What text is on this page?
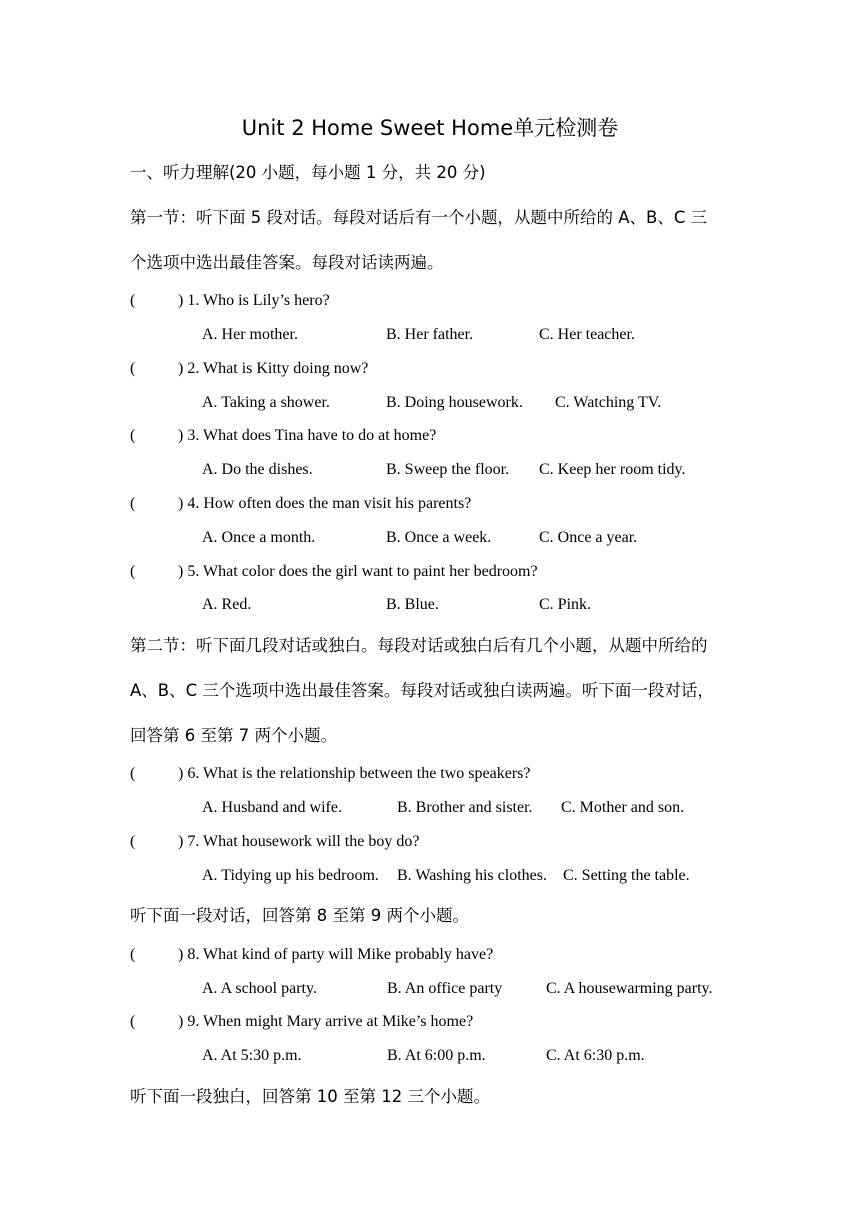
Unit 2 Home Sweet Home单元检测卷
一、听力理解(20 小题，每小题 1 分，共 20 分)
第一节：听下面 5 段对话。每段对话后有一个小题，从题中所给的 A、B、C 三
个选项中选出最佳答案。每段对话读两遍。
(	) 1. Who is Lily’s hero?
A. Her mother.	B. Her father.	C. Her teacher.
(	) 2. What is Kitty doing now?
A. Taking a shower.	B. Doing housework. C. Watching TV.
(	) 3. What does Tina have to do at home?
A. Do the dishes.	B. Sweep the floor. C. Keep her room tidy.
(	) 4. How often does the man visit his parents?
A. Once a month.	B. Once a week.	C. Once a year.
(	) 5. What color does the girl want to paint her bedroom?
A. Red.	B. Blue.	C. Pink.
第二节：听下面几段对话或独白。每段对话或独白后有几个小题，从题中所给的
A、B、C 三个选项中选出最佳答案。每段对话或独白读两遍。听下面一段对话，
回答第 6 至第 7 两个小题。
(	) 6. What is the relationship between the two speakers?
A. Husband and wife.	B. Brother and sister. C. Mother and son.
(	) 7. What housework will the boy do?
A. Tidying up his bedroom. B. Washing his clothes. C. Setting the table.
听下面一段对话，回答第 8 至第 9 两个小题。
(	) 8. What kind of party will Mike probably have?
A. A school party.	B. An office party	C. A housewarming party.
(	) 9. When might Mary arrive at Mike’s home?
A. At 5:30 p.m.	B. At 6:00 p.m.	C. At 6:30 p.m.
听下面一段独白，回答第 10 至第 12 三个小题。
